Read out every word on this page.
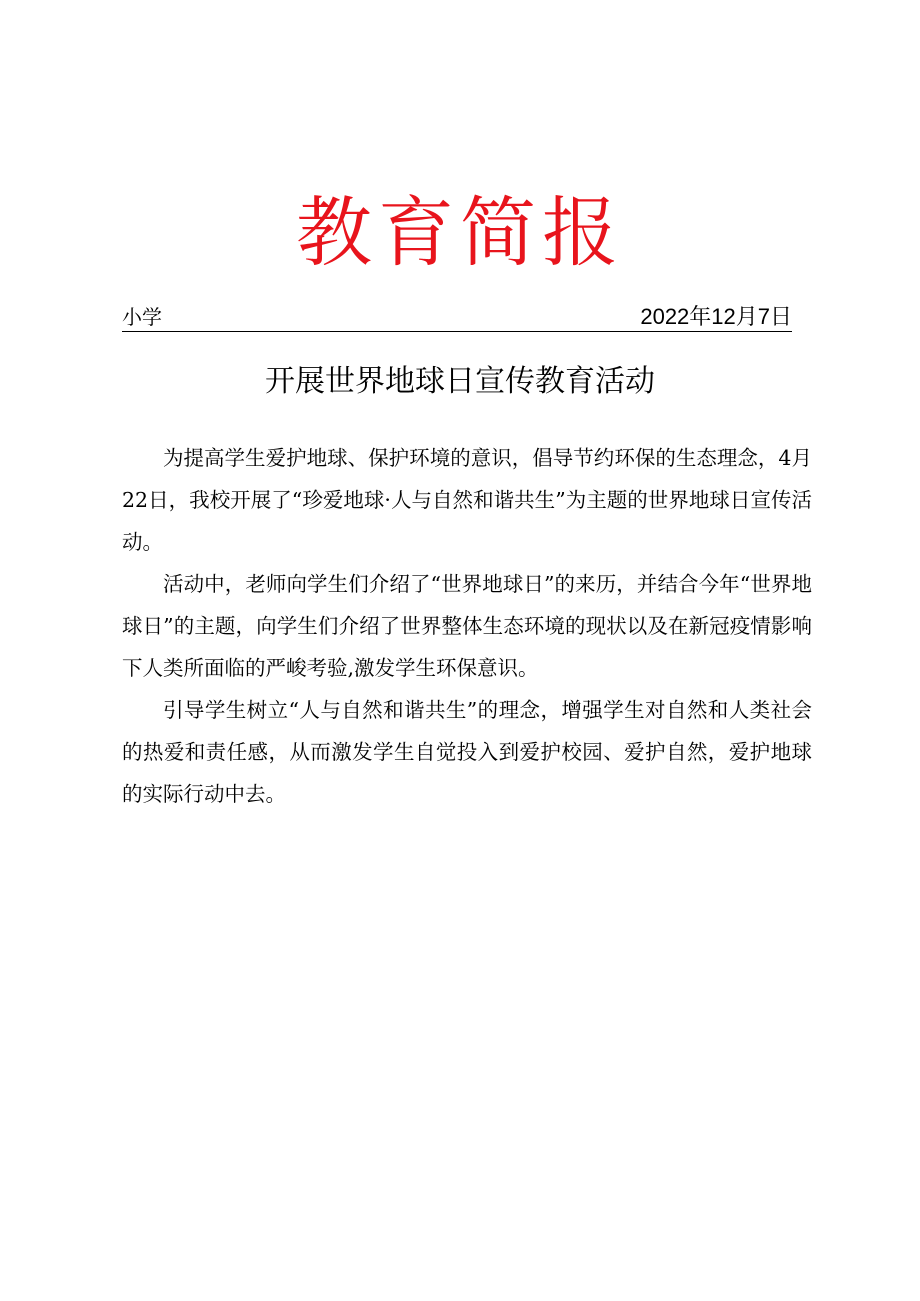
教育简报
小学	2022年12月7日
开展世界地球日宣传教育活动

为提高学生爱护地球、保护环境的意识，倡导节约环保的生态理念，4月22日，我校开展了“珍爱地球·人与自然和谐共生”为主题的世界地球日宣传活动。

活动中，老师向学生们介绍了“世界地球日”的来历，并结合今年“世界地球日”的主题，向学生们介绍了世界整体生态环境的现状以及在新冠疫情影响下人类所面临的严峻考验,激发学生环保意识。

引导学生树立“人与自然和谐共生”的理念，增强学生对自然和人类社会的热爱和责任感，从而激发学生自觉投入到爱护校园、爱护自然，爱护地球的实际行动中去。
